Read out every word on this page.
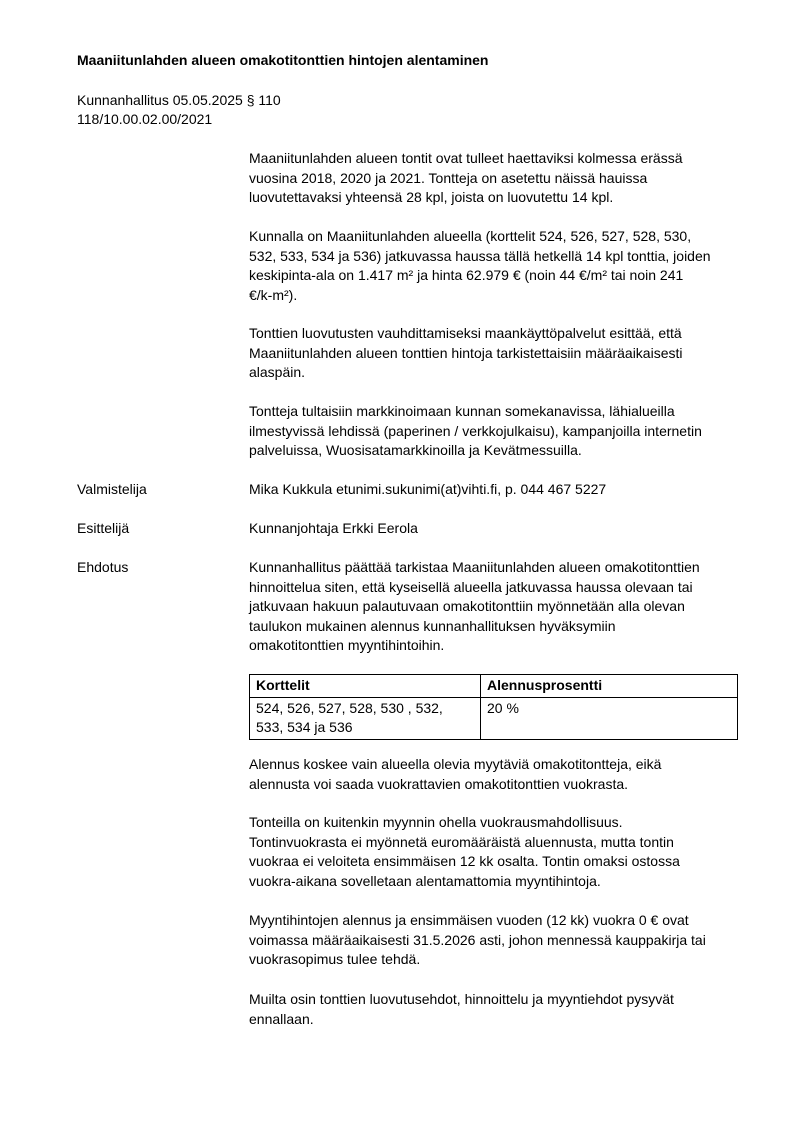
Maaniitunlahden alueen omakotitonttien hintojen alentaminen
Kunnanhallitus 05.05.2025 § 110
118/10.00.02.00/2021
Maaniitunlahden alueen tontit ovat tulleet haettaviksi kolmessa erässä
vuosina 2018, 2020 ja 2021. Tontteja on asetettu näissä hauissa
luovutettavaksi yhteensä 28 kpl, joista on luovutettu 14 kpl.
Kunnalla on Maaniitunlahden alueella (korttelit 524, 526, 527, 528, 530,
532, 533, 534 ja 536) jatkuvassa haussa tällä hetkellä 14 kpl tonttia, joiden
keskipinta-ala on 1.417 m² ja hinta 62.979 € (noin 44 €/m² tai noin 241
€/k-m²).
Tonttien luovutusten vauhdittamiseksi maankäyttöpalvelut esittää, että
Maaniitunlahden alueen tonttien hintoja tarkistettaisiin määräaikaisesti
alaspäin.
Tontteja tultaisiin markkinoimaan kunnan somekanavissa, lähialueilla
ilmestyvissä lehdissä (paperinen / verkkojulkaisu), kampanjoilla internetin
palveluissa, Wuosisatamarkkinoilla ja Kevätmessuilla.
Valmistelija	Mika Kukkula etunimi.sukunimi(at)vihti.fi, p. 044 467 5227
Esittelijä	Kunnanjohtaja Erkki Eerola
Ehdotus	Kunnanhallitus päättää tarkistaa Maaniitunlahden alueen omakotitonttien
hinnoittelua siten, että kyseisellä alueella jatkuvassa haussa olevaan tai
jatkuvaan hakuun palautuvaan omakotitonttiin myönnetään alla olevan
taulukon mukainen alennus kunnanhallituksen hyväksymiin
omakotitonttien myyntihintoihin.
Korttelit	Alennusprosentti

524, 526, 527, 528, 530 , 532,
533, 534 ja 536	20 %
Alennus koskee vain alueella olevia myytäviä omakotitontteja, eikä
alennusta voi saada vuokrattavien omakotitonttien vuokrasta.
Tonteilla on kuitenkin myynnin ohella vuokrausmahdollisuus.
Tontinvuokrasta ei myönnetä euromääräistä aluennusta, mutta tontin
vuokraa ei veloiteta ensimmäisen 12 kk osalta. Tontin omaksi ostossa
vuokra-aikana sovelletaan alentamattomia myyntihintoja.
Myyntihintojen alennus ja ensimmäisen vuoden (12 kk) vuokra 0 € ovat
voimassa määräaikaisesti 31.5.2026 asti, johon mennessä kauppakirja tai
vuokrasopimus tulee tehdä.
Muilta osin tonttien luovutusehdot, hinnoittelu ja myyntiehdot pysyvät
ennallaan.
